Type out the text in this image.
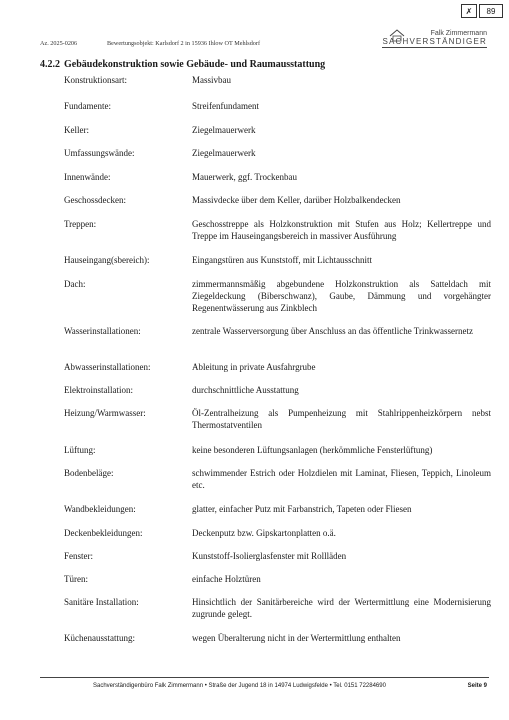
✗	89
Az. 2025-0206	Bewertungsobjekt: Karlsdorf 2 in 15936 Ihlow OT Mehlsdorf
Falk Zimmermann
SACHVERSTÄNDIGER
4.2.2 Gebäudekonstruktion sowie Gebäude- und Raumausstattung
Konstruktionsart:	Massivbau
Fundamente:	Streifenfundament
Keller:	Ziegelmauerwerk
Umfassungswände:	Ziegelmauerwerk
Innenwände:	Mauerwerk, ggf. Trockenbau
Geschossdecken:	Massivdecke über dem Keller, darüber Holzbalkendecken
Treppen:	Geschosstreppe als Holzkonstruktion mit Stufen aus Holz; Kellertreppe und Treppe im Hauseingangsbereich in massiver Ausführung
Hauseingang(sbereich):	Eingangstüren aus Kunststoff, mit Lichtausschnitt
Dach:	zimmermannsmäßig abgebundene Holzkonstruktion als Satteldach mit Ziegeldeckung (Biberschwanz), Gaube, Dämmung und vorgehängter Regenentwässerung aus Zinkblech
Wasserinstallationen:	zentrale Wasserversorgung über Anschluss an das öffentliche Trinkwassernetz
Abwasserinstallationen:	Ableitung in private Ausfahrgrube
Elektroinstallation:	durchschnittliche Ausstattung
Heizung/Warmwasser:	Öl-Zentralheizung als Pumpenheizung mit Stahlrippenheizkörpern nebst Thermostatventilen
Lüftung:	keine besonderen Lüftungsanlagen (herkömmliche Fensterlüftung)
Bodenbeläge:	schwimmender Estrich oder Holzdielen mit Laminat, Fliesen, Teppich, Linoleum etc.
Wandbekleidungen:	glatter, einfacher Putz mit Farbanstrich, Tapeten oder Fliesen
Deckenbekleidungen:	Deckenputz bzw. Gipskartonplatten o.ä.
Fenster:	Kunststoff-Isolierglasfenster mit Rollläden
Türen:	einfache Holztüren
Sanitäre Installation:	Hinsichtlich der Sanitärbereiche wird der Wertermittlung eine Modernisierung zugrunde gelegt.
Küchenausstattung:	wegen Überalterung nicht in der Wertermittlung enthalten
Sachverständigenbüro Falk Zimmermann • Straße der Jugend 18 in 14974 Ludwigsfelde • Tel. 0151 72284690	Seite 9
